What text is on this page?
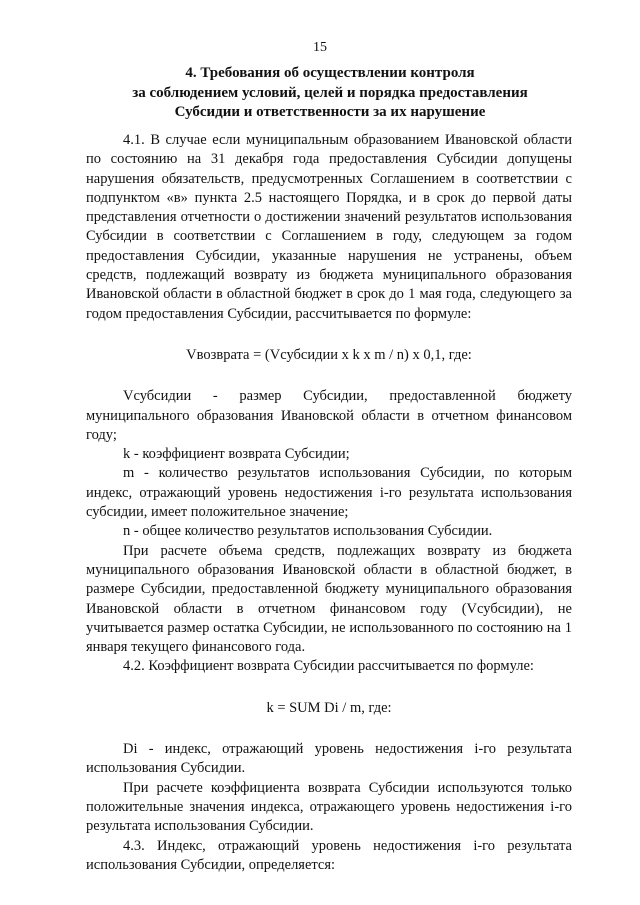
15
4. Требования об осуществлении контроля
за соблюдением условий, целей и порядка предоставления
Субсидии и ответственности за их нарушение

4.1. В случае если муниципальным образованием Ивановской области по состоянию на 31 декабря года предоставления Субсидии допущены нарушения обязательств, предусмотренных Соглашением в соответствии с подпунктом «в» пункта 2.5 настоящего Порядка, и в срок до первой даты представления отчетности о достижении значений результатов использования Субсидии в соответствии с Соглашением в году, следующем за годом предоставления Субсидии, указанные нарушения не устранены, объем средств, подлежащий возврату из бюджета муниципального образования Ивановской области в областной бюджет в срок до 1 мая года, следующего за годом предоставления Субсидии, рассчитывается по формуле:

Vвозврата = (Vсубсидии x k x m / n) x 0,1, где:

Vсубсидии - размер Субсидии, предоставленной бюджету муниципального образования Ивановской области в отчетном финансовом году;

k - коэффициент возврата Субсидии;

m - количество результатов использования Субсидии, по которым индекс, отражающий уровень недостижения i-го результата использования субсидии, имеет положительное значение;

n - общее количество результатов использования Субсидии.

При расчете объема средств, подлежащих возврату из бюджета муниципального образования Ивановской области в областной бюджет, в размере Субсидии, предоставленной бюджету муниципального образования Ивановской области в отчетном финансовом году (Vсубсидии), не учитывается размер остатка Субсидии, не использованного по состоянию на 1 января текущего финансового года.

4.2. Коэффициент возврата Субсидии рассчитывается по формуле:

k = SUM Di / m, где:

Di - индекс, отражающий уровень недостижения i-го результата использования Субсидии.

При расчете коэффициента возврата Субсидии используются только положительные значения индекса, отражающего уровень недостижения i-го результата использования Субсидии.

4.3. Индекс, отражающий уровень недостижения i-го результата использования Субсидии, определяется:
